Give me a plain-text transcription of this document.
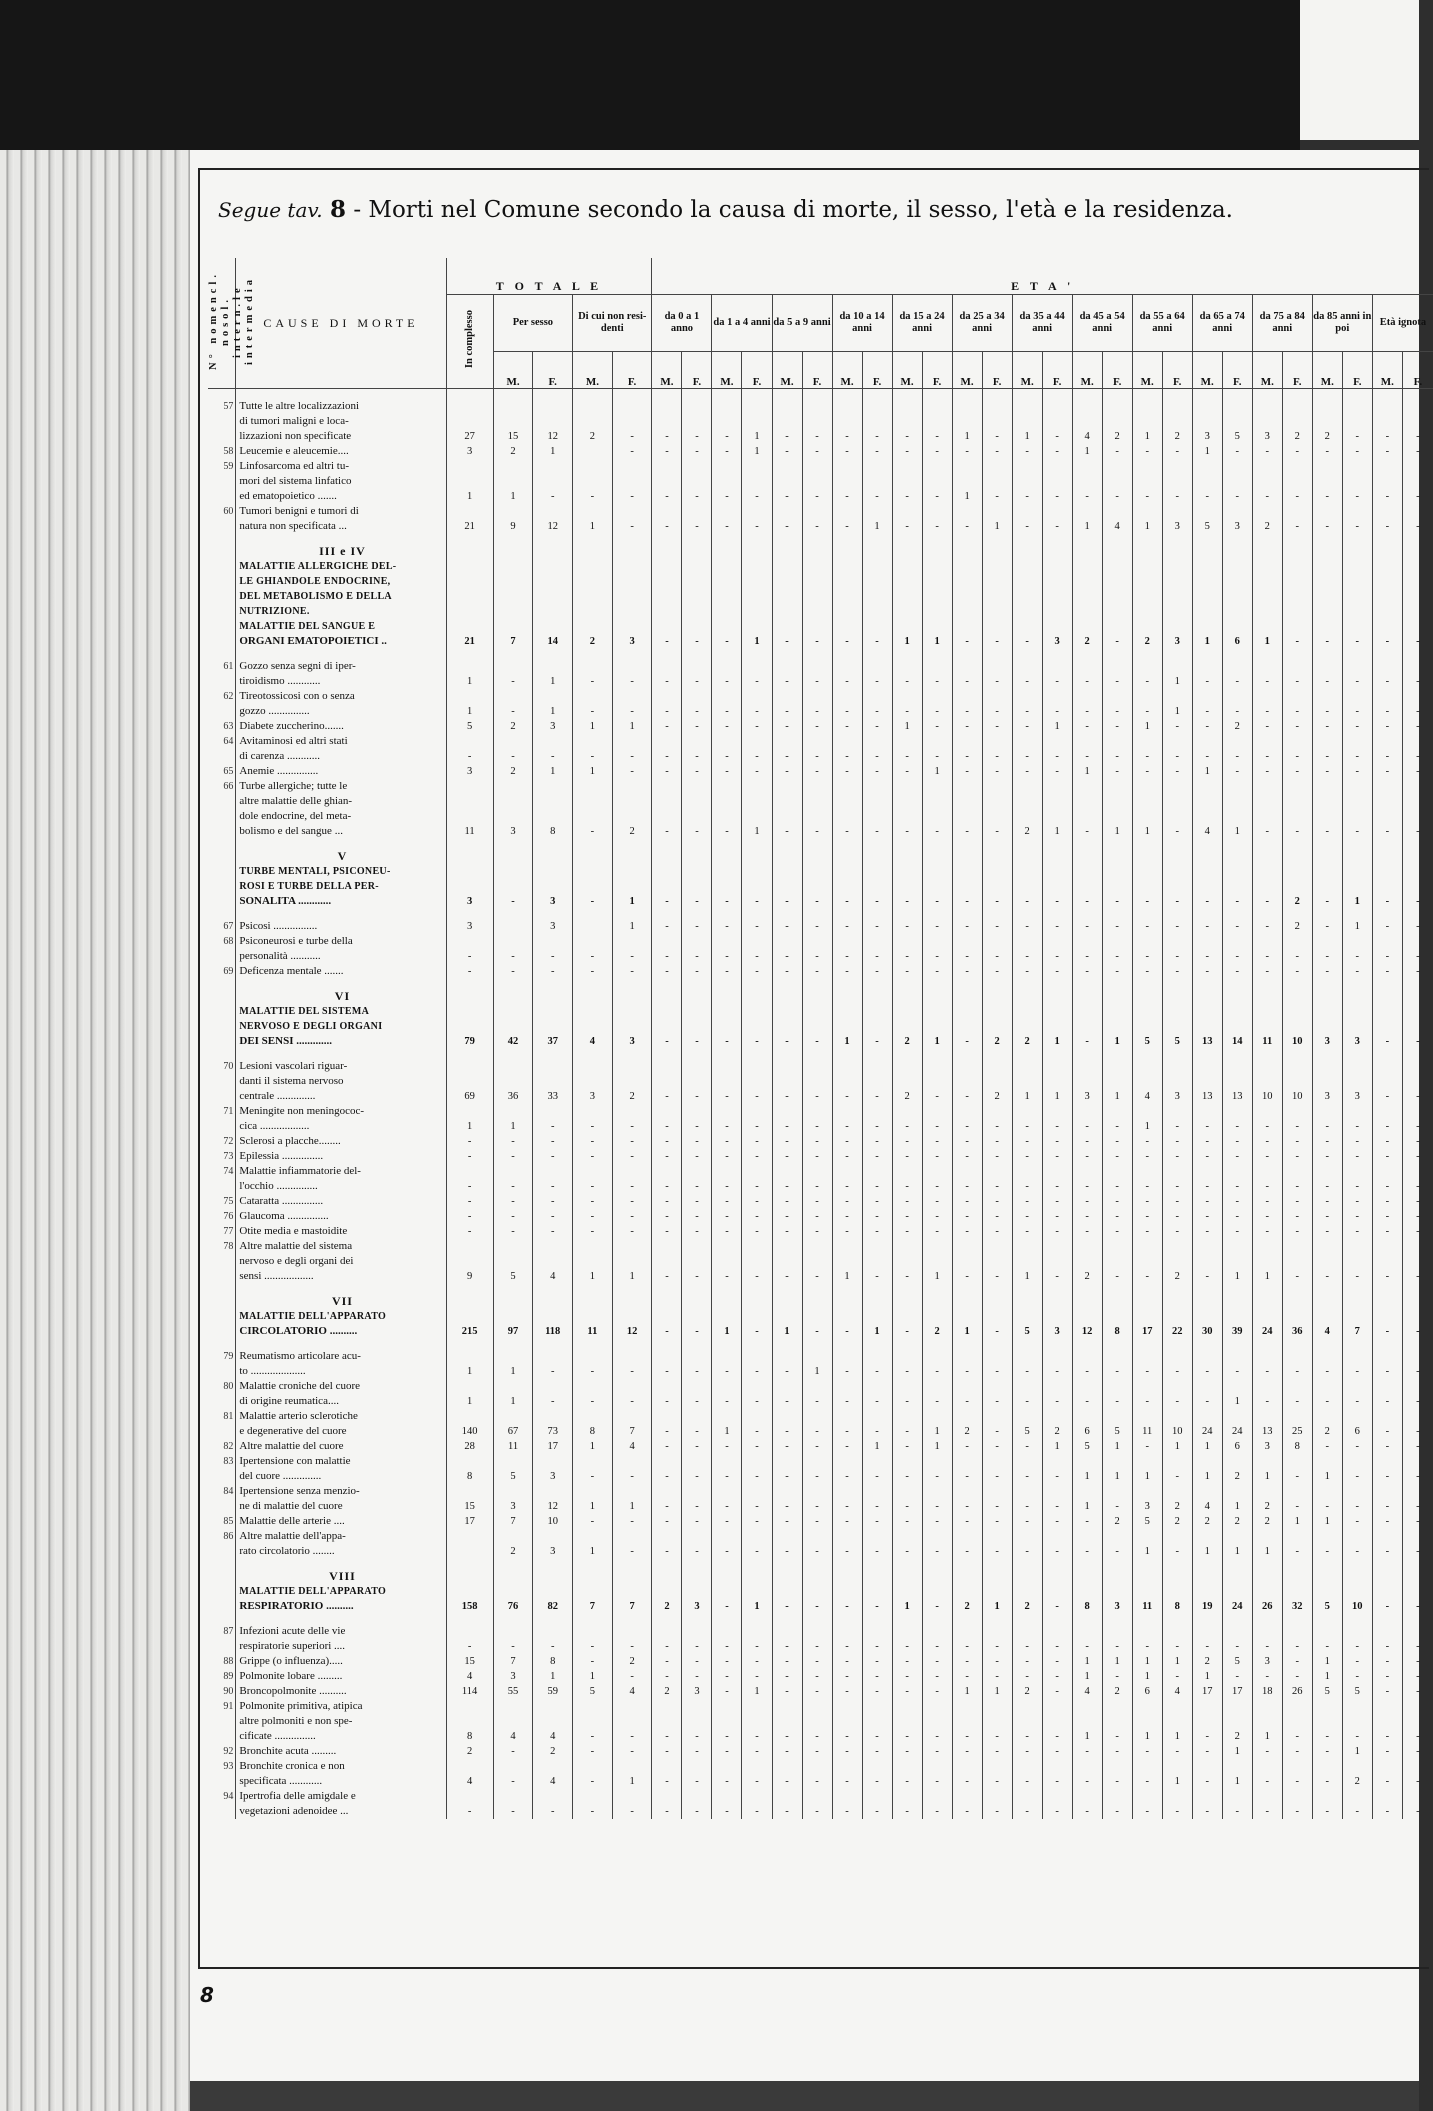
Segue tav. 8 - Morti nel Comune secondo la causa di morte, il sesso, l'età e la residenza.
N° nomencl. nosol. intern.le intermedia	CAUSE DI MORTE	T O T A L E					E T A '																									
		In complesso	Per sesso		Di cui non resi- denti		da 0 a 1 anno		da 1 a 4 anni		da 5 a 9 anni		da 10 a 14 anni		da 15 a 24 anni		da 25 a 34 anni		da 35 a 44 anni		da 45 a 54 anni		da 55 a 64 anni		da 65 a 74 anni		da 75 a 84 anni		da 85 anni in poi		Età ignota	
			M.	F.	M.	F.	M.	F.	M.	F.	M.	F.	M.	F.	M.	F.	M.	F.	M.	F.	M.	F.	M.	F.	M.	F.	M.	F.	M.	F.	M.	F.

57	Tutte le altre localizzazioni																															
	di tumori maligni e loca-																															
	lizzazioni non specificate	27	15	12	2	-	-	-	-	1	-	-	-	-	-	-	1	-	1	-	4	2	1	2	3	5	3	2	2	-	-	-
58	Leucemie e aleucemie....	3	2	1		-	-	-	-	1	-	-	-	-	-	-	-	-	-	-	1	-	-	-	1	-	-	-	-	-	-	-
59	Linfosarcoma ed altri tu-																															
	mori del sistema linfatico																															
	ed ematopoietico .......	1	1	-	-	-	-	-	-	-	-	-	-	-	-	-	1	-	-	-	-	-	-	-	-	-	-	-	-	-	-	-
60	Tumori benigni e tumori di																															
	natura non specificata ...	21	9	12	1	-	-	-	-	-	-	-	-	1	-	-	-	1	-	-	1	4	1	3	5	3	2	-	-	-	-	-

	III e IV																															
	MALATTIE ALLERGICHE DEL-																															
	LE GHIANDOLE ENDOCRINE,																															
	DEL METABOLISMO E DELLA																															
	NUTRIZIONE.																															
	MALATTIE DEL SANGUE E																															
	ORGANI EMATOPOIETICI ..	21	7	14	2	3	-	-	-	1	-	-	-	-	1	1	-	-	-	3	2	-	2	3	1	6	1	-	-	-	-	-

61	Gozzo senza segni di iper-																															
	tiroidismo ............	1	-	1	-	-	-	-	-	-	-	-	-	-	-	-	-	-	-	-	-	-	-	1	-	-	-	-	-	-	-	-
62	Tireotossicosi con o senza																															
	gozzo ...............	1	-	1	-	-	-	-	-	-	-	-	-	-	-	-	-	-	-	-	-	-	-	1	-	-	-	-	-	-	-	-
63	Diabete zuccherino.......	5	2	3	1	1	-	-	-	-	-	-	-	-	1	-	-	-	-	1	-	-	1	-	-	2	-	-	-	-	-	-
64	Avitaminosi ed altri stati																															
	di carenza ............	-	-	-	-	-	-	-	-	-	-	-	-	-	-	-	-	-	-	-	-	-	-	-	-	-	-	-	-	-	-	-
65	Anemie ...............	3	2	1	1	-	-	-	-	-	-	-	-	-	-	1	-	-	-	-	1	-	-	-	1	-	-	-	-	-	-	-
66	Turbe allergiche; tutte le																															
	altre malattie delle ghian-																															
	dole endocrine, del meta-																															
	bolismo e del sangue ...	11	3	8	-	2	-	-	-	1	-	-	-	-	-	-	-	-	2	1	-	1	1	-	4	1	-	-	-	-	-	-

	V																															
	TURBE MENTALI, PSICONEU-																															
	ROSI E TURBE DELLA PER-																															
	SONALITA ............	3	-	3	-	1	-	-	-	-	-	-	-	-	-	-	-	-	-	-	-	-	-	-	-	-	-	2	-	1	-	-

67	Psicosi ................	3		3		1	-	-	-	-	-	-	-	-	-	-	-	-	-	-	-	-	-	-	-	-	-	2	-	1	-	-
68	Psiconeurosi e turbe della																															
	personalità ...........	-	-	-	-	-	-	-	-	-	-	-	-	-	-	-	-	-	-	-	-	-	-	-	-	-	-	-	-	-	-	-
69	Deficenza mentale .......	-	-	-	-	-	-	-	-	-	-	-	-	-	-	-	-	-	-	-	-	-	-	-	-	-	-	-	-	-	-	-

	VI																															
	MALATTIE DEL SISTEMA																															
	NERVOSO E DEGLI ORGANI																															
	DEI SENSI .............	79	42	37	4	3	-	-	-	-	-	-	1	-	2	1	-	2	2	1	-	1	5	5	13	14	11	10	3	3	-	-

70	Lesioni vascolari riguar-																															
	danti il sistema nervoso																															
	centrale ..............	69	36	33	3	2	-	-	-	-	-	-	-	-	2	-	-	2	1	1	3	1	4	3	13	13	10	10	3	3	-	-
71	Meningite non meningococ-																															
	cica ..................	1	1	-	-	-	-	-	-	-	-	-	-	-	-	-	-	-	-	-	-	-	1	-	-	-	-	-	-	-	-	-
72	Sclerosi a placche........	-	-	-	-	-	-	-	-	-	-	-	-	-	-	-	-	-	-	-	-	-	-	-	-	-	-	-	-	-	-	-
73	Epilessia ...............	-	-	-	-	-	-	-	-	-	-	-	-	-	-	-	-	-	-	-	-	-	-	-	-	-	-	-	-	-	-	-
74	Malattie infiammatorie del-																															
	l'occhio ...............	-	-	-	-	-	-	-	-	-	-	-	-	-	-	-	-	-	-	-	-	-	-	-	-	-	-	-	-	-	-	-
75	Cataratta ...............	-	-	-	-	-	-	-	-	-	-	-	-	-	-	-	-	-	-	-	-	-	-	-	-	-	-	-	-	-	-	-
76	Glaucoma ...............	-	-	-	-	-	-	-	-	-	-	-	-	-	-	-	-	-	-	-	-	-	-	-	-	-	-	-	-	-	-	-
77	Otite media e mastoidite	-	-	-	-	-	-	-	-	-	-	-	-	-	-	-	-	-	-	-	-	-	-	-	-	-	-	-	-	-	-	-
78	Altre malattie del sistema																															
	nervoso e degli organi dei																															
	sensi ..................	9	5	4	1	1	-	-	-	-	-	-	1	-	-	1	-	-	1	-	2	-	-	2	-	1	1	-	-	-	-	-

	VII																															
	MALATTIE DELL'APPARATO																															
	CIRCOLATORIO ..........	215	97	118	11	12	-	-	1	-	1	-	-	1	-	2	1	-	5	3	12	8	17	22	30	39	24	36	4	7	-	-

79	Reumatismo articolare acu-																															
	to ....................	1	1	-	-	-	-	-	-	-	-	1	-	-	-	-	-	-	-	-	-	-	-	-	-	-	-	-	-	-	-	-
80	Malattie croniche del cuore																															
	di origine reumatica....	1	1	-	-	-	-	-	-	-	-	-	-	-	-	-	-	-	-	-	-	-	-	-	-	1	-	-	-	-	-	-
81	Malattie arterio sclerotiche																															
	e degenerative del cuore	140	67	73	8	7	-	-	1	-	-	-	-	-	-	1	2	-	5	2	6	5	11	10	24	24	13	25	2	6	-	-
82	Altre malattie del cuore	28	11	17	1	4	-	-	-	-	-	-	-	1	-	1	-	-	-	1	5	1	-	1	1	6	3	8	-	-	-	-
83	Ipertensione con malattie																															
	del cuore ..............	8	5	3	-	-	-	-	-	-	-	-	-	-	-	-	-	-	-	-	1	1	1	-	1	2	1	-	1	-	-	-
84	Ipertensione senza menzio-																															
	ne di malattie del cuore	15	3	12	1	1	-	-	-	-	-	-	-	-	-	-	-	-	-	-	1	-	3	2	4	1	2	-	-	-	-	-
85	Malattie delle arterie ....	17	7	10	-	-	-	-	-	-	-	-	-	-	-	-	-	-	-	-	-	2	5	2	2	2	2	1	1	-	-	-
86	Altre malattie dell'appa-																															
	rato circolatorio ........		2	3	1	-	-	-	-	-	-	-	-	-	-	-	-	-	-	-	-	-	1	-	1	1	1	-	-	-	-	-

	VIII																															
	MALATTIE DELL'APPARATO																															
	RESPIRATORIO ..........	158	76	82	7	7	2	3	-	1	-	-	-	-	1	-	2	1	2	-	8	3	11	8	19	24	26	32	5	10	-	-

87	Infezioni acute delle vie																															
	respiratorie superiori ....	-	-	-	-	-	-	-	-	-	-	-	-	-	-	-	-	-	-	-	-	-	-	-	-	-	-	-	-	-	-	-
88	Grippe (o influenza).....	15	7	8	-	2	-	-	-	-	-	-	-	-	-	-	-	-	-	-	1	1	1	1	2	5	3	-	1	-	-	-
89	Polmonite lobare .........	4	3	1	1	-	-	-	-	-	-	-	-	-	-	-	-	-	-	-	1	-	1	-	1	-	-	-	1	-	-	-
90	Broncopolmonite ..........	114	55	59	5	4	2	3	-	1	-	-	-	-	-	-	1	1	2	-	4	2	6	4	17	17	18	26	5	5	-	-
91	Polmonite primitiva, atipica																															
	altre polmoniti e non spe-																															
	cificate ...............	8	4	4	-	-	-	-	-	-	-	-	-	-	-	-	-	-	-	-	1	-	1	1	-	2	1	-	-	-	-	-
92	Bronchite acuta .........	2	-	2	-	-	-	-	-	-	-	-	-	-	-	-	-	-	-	-	-	-	-	-	-	1	-	-	-	1	-	-
93	Bronchite cronica e non																															
	specificata ............	4	-	4	-	1	-	-	-	-	-	-	-	-	-	-	-	-	-	-	-	-	-	1	-	1	-	-	-	2	-	-
94	Ipertrofia delle amigdale e																															
	vegetazioni adenoidee ...	-	-	-	-	-	-	-	-	-	-	-	-	-	-	-	-	-	-	-	-	-	-	-	-	-	-	-	-	-	-	-
8
